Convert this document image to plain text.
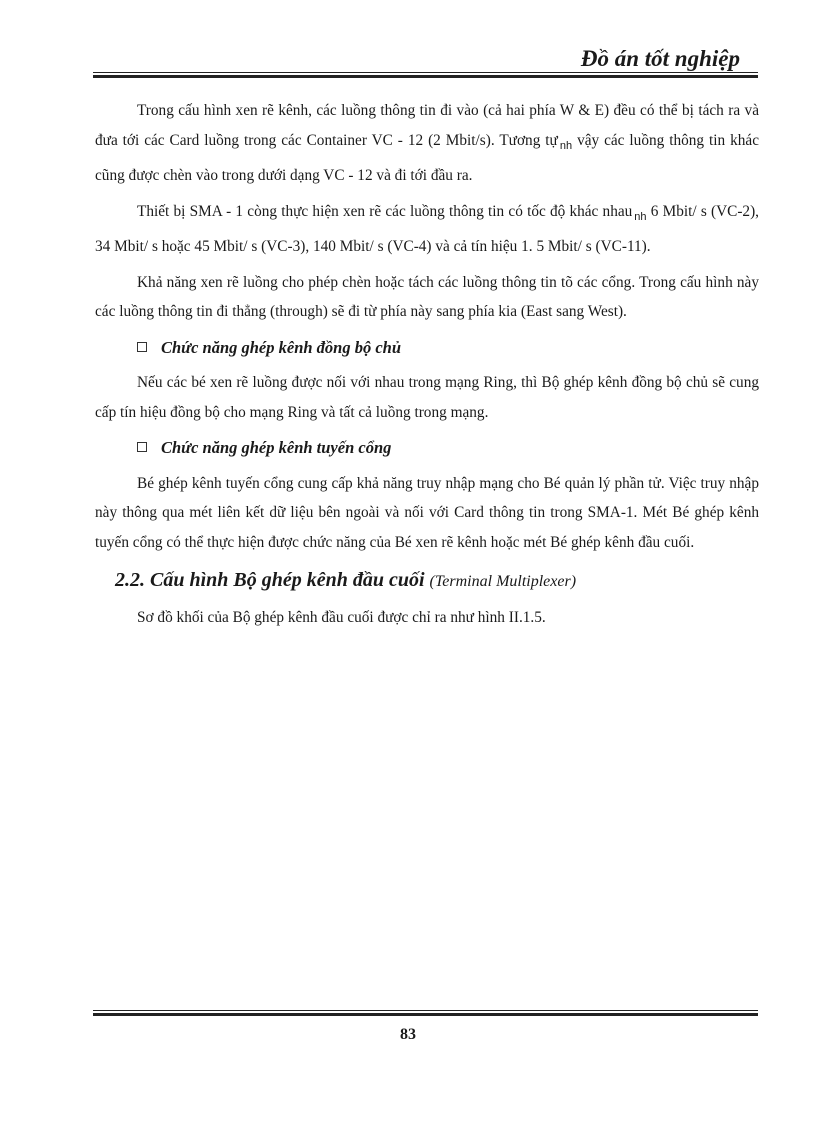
Đồ án tốt nghiệp

Trong cấu hình xen rẽ kênh, các luồng thông tin đi vào (cả hai phía W & E) đều có thể bị tách ra và đưa tới các Card luồng trong các Container VC - 12 (2 Mbit/s). Tương tự $_{nh}$ vậy các luồng thông tin khác cũng được chèn vào trong dưới dạng VC - 12 và đi tới đầu ra.

Thiết bị SMA - 1 còng thực hiện xen rẽ các luồng thông tin có tốc độ khác nhau $_{nh}$ 6 Mbit/ s (VC-2), 34 Mbit/ s hoặc 45 Mbit/ s (VC-3), 140 Mbit/ s (VC-4) và cả tín hiệu 1. 5 Mbit/ s (VC-11).

Khả năng xen rẽ luồng cho phép chèn hoặc tách các luồng thông tin tõ các cổng. Trong cấu hình này các luồng thông tin đi thẳng (through) sẽ đi từ phía này sang phía kia (East sang West).

Chức năng ghép kênh đồng bộ chủ

Nếu các bé xen rẽ luồng được nối với nhau trong mạng Ring, thì Bộ ghép kênh đồng bộ chủ sẽ cung cấp tín hiệu đồng bộ cho mạng Ring và tất cả luồng trong mạng.

Chức năng ghép kênh tuyến cổng

Bé ghép kênh tuyến cổng cung cấp khả năng truy nhập mạng cho Bé quản lý phần tử. Việc truy nhập này thông qua mét liên kết dữ liệu bên ngoài và nối với Card thông tin trong SMA-1. Mét Bé ghép kênh tuyến cổng có thể thực hiện được chức năng của Bé xen rẽ kênh hoặc mét Bé ghép kênh đầu cuối.

2.2. Cấu hình Bộ ghép kênh đầu cuối (Terminal Multiplexer)

Sơ đồ khối của Bộ ghép kênh đầu cuối được chỉ ra như hình II.1.5.

83
